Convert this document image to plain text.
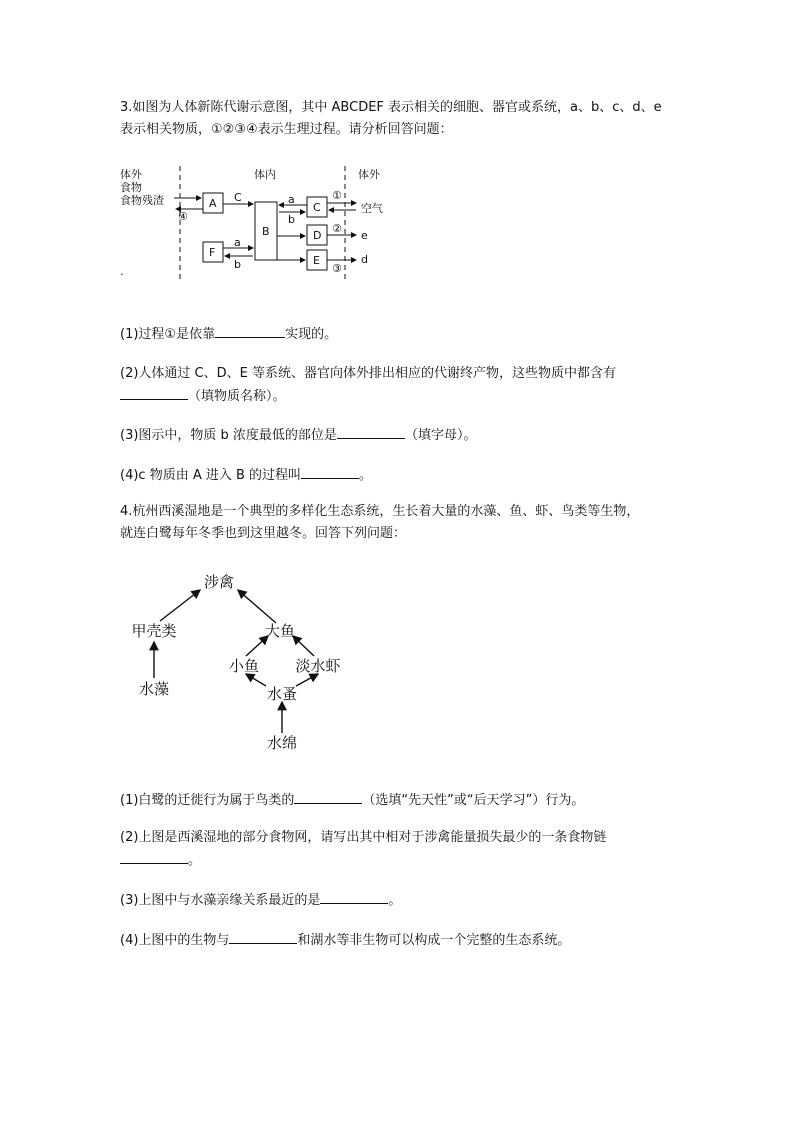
3.如图为人体新陈代谢示意图，其中 ABCDEF 表示相关的细胞、器官或系统，a、b、c、d、e
表示相关物质，①②③④表示生理过程。请分析回答问题：
体外
食物
食物残渣
体内	体外
空气
A
B
C
D
E
F
C	a
b
a
b
e
d
①
②
③
④
.
(1)过程①是依靠	实现的。
(2)人体通过 C、D、E 等系统、器官向体外排出相应的代谢终产物，这些物质中都含有
（填物质名称）。
(3)图示中，物质 b 浓度最低的部位是	（填字母）。
(4)c 物质由 A 进入 B 的过程叫	。
4.杭州西溪湿地是一个典型的多样化生态系统，生长着大量的水藻、鱼、虾、鸟类等生物，
就连白鹭每年冬季也到这里越冬。回答下列问题：
涉禽
甲壳类
水藻
大鱼
小鱼 淡水虾
水蚤
水绵
(1)白鹭的迁徙行为属于鸟类的	（选填“先天性”或“后天学习”）行为。
(2)上图是西溪湿地的部分食物网，请写出其中相对于涉禽能量损失最少的一条食物链
。
(3)上图中与水藻亲缘关系最近的是	。
(4)上图中的生物与	和湖水等非生物可以构成一个完整的生态系统。
